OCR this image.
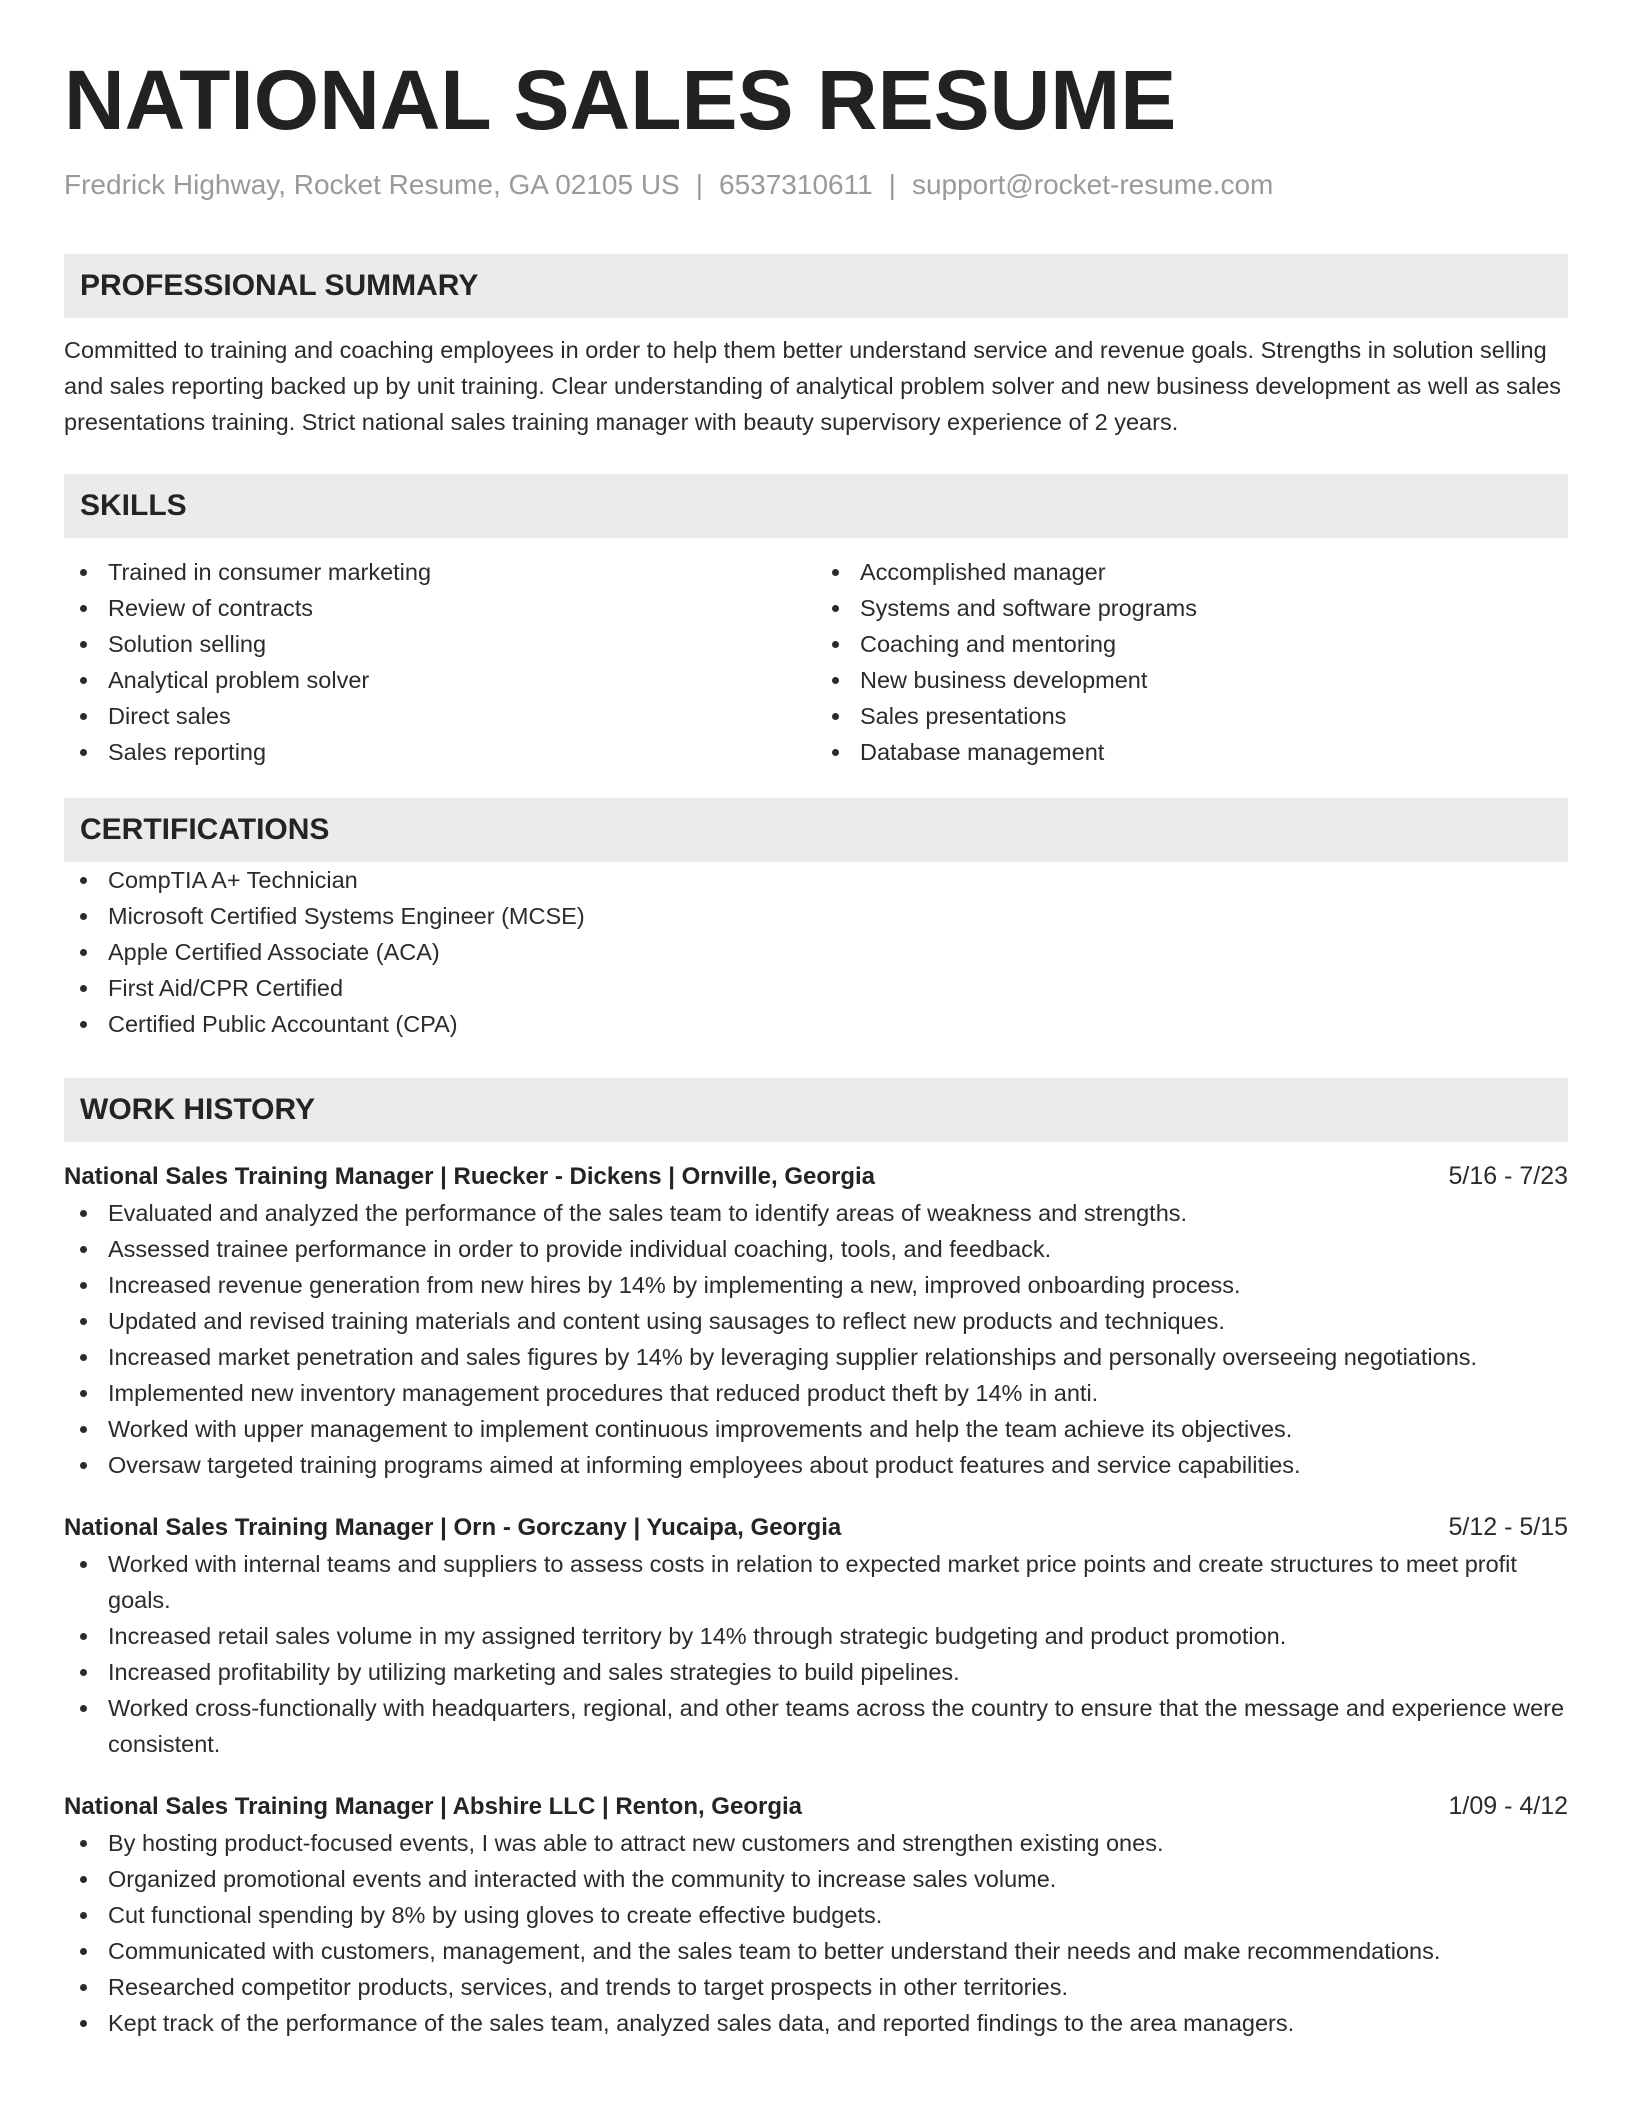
NATIONAL SALES RESUME
Fredrick Highway, Rocket Resume, GA 02105 US | 6537310611 | support@rocket-resume.com
PROFESSIONAL SUMMARY

Committed to training and coaching employees in order to help them better understand service and revenue goals. Strengths in solution selling and sales reporting backed up by unit training. Clear understanding of analytical problem solver and new business development as well as sales presentations training. Strict national sales training manager with beauty supervisory experience of 2 years.

SKILLS
Trained in consumer marketing
Review of contracts
Solution selling
Analytical problem solver
Direct sales
Sales reporting
Accomplished manager
Systems and software programs
Coaching and mentoring
New business development
Sales presentations
Database management
CERTIFICATIONS
CompTIA A+ Technician
Microsoft Certified Systems Engineer (MCSE)
Apple Certified Associate (ACA)
First Aid/CPR Certified
Certified Public Accountant (CPA)
WORK HISTORY
National Sales Training Manager | Ruecker - Dickens | Ornville, Georgia	5/16 - 7/23
Evaluated and analyzed the performance of the sales team to identify areas of weakness and strengths.
Assessed trainee performance in order to provide individual coaching, tools, and feedback.
Increased revenue generation from new hires by 14% by implementing a new, improved onboarding process.
Updated and revised training materials and content using sausages to reflect new products and techniques.
Increased market penetration and sales figures by 14% by leveraging supplier relationships and personally overseeing negotiations.
Implemented new inventory management procedures that reduced product theft by 14% in anti.
Worked with upper management to implement continuous improvements and help the team achieve its objectives.
Oversaw targeted training programs aimed at informing employees about product features and service capabilities.
National Sales Training Manager | Orn - Gorczany | Yucaipa, Georgia	5/12 - 5/15
Worked with internal teams and suppliers to assess costs in relation to expected market price points and create structures to meet profit goals.
Increased retail sales volume in my assigned territory by 14% through strategic budgeting and product promotion.
Increased profitability by utilizing marketing and sales strategies to build pipelines.
Worked cross-functionally with headquarters, regional, and other teams across the country to ensure that the message and experience were consistent.
National Sales Training Manager | Abshire LLC | Renton, Georgia	1/09 - 4/12
By hosting product-focused events, I was able to attract new customers and strengthen existing ones.
Organized promotional events and interacted with the community to increase sales volume.
Cut functional spending by 8% by using gloves to create effective budgets.
Communicated with customers, management, and the sales team to better understand their needs and make recommendations.
Researched competitor products, services, and trends to target prospects in other territories.
Kept track of the performance of the sales team, analyzed sales data, and reported findings to the area managers.
